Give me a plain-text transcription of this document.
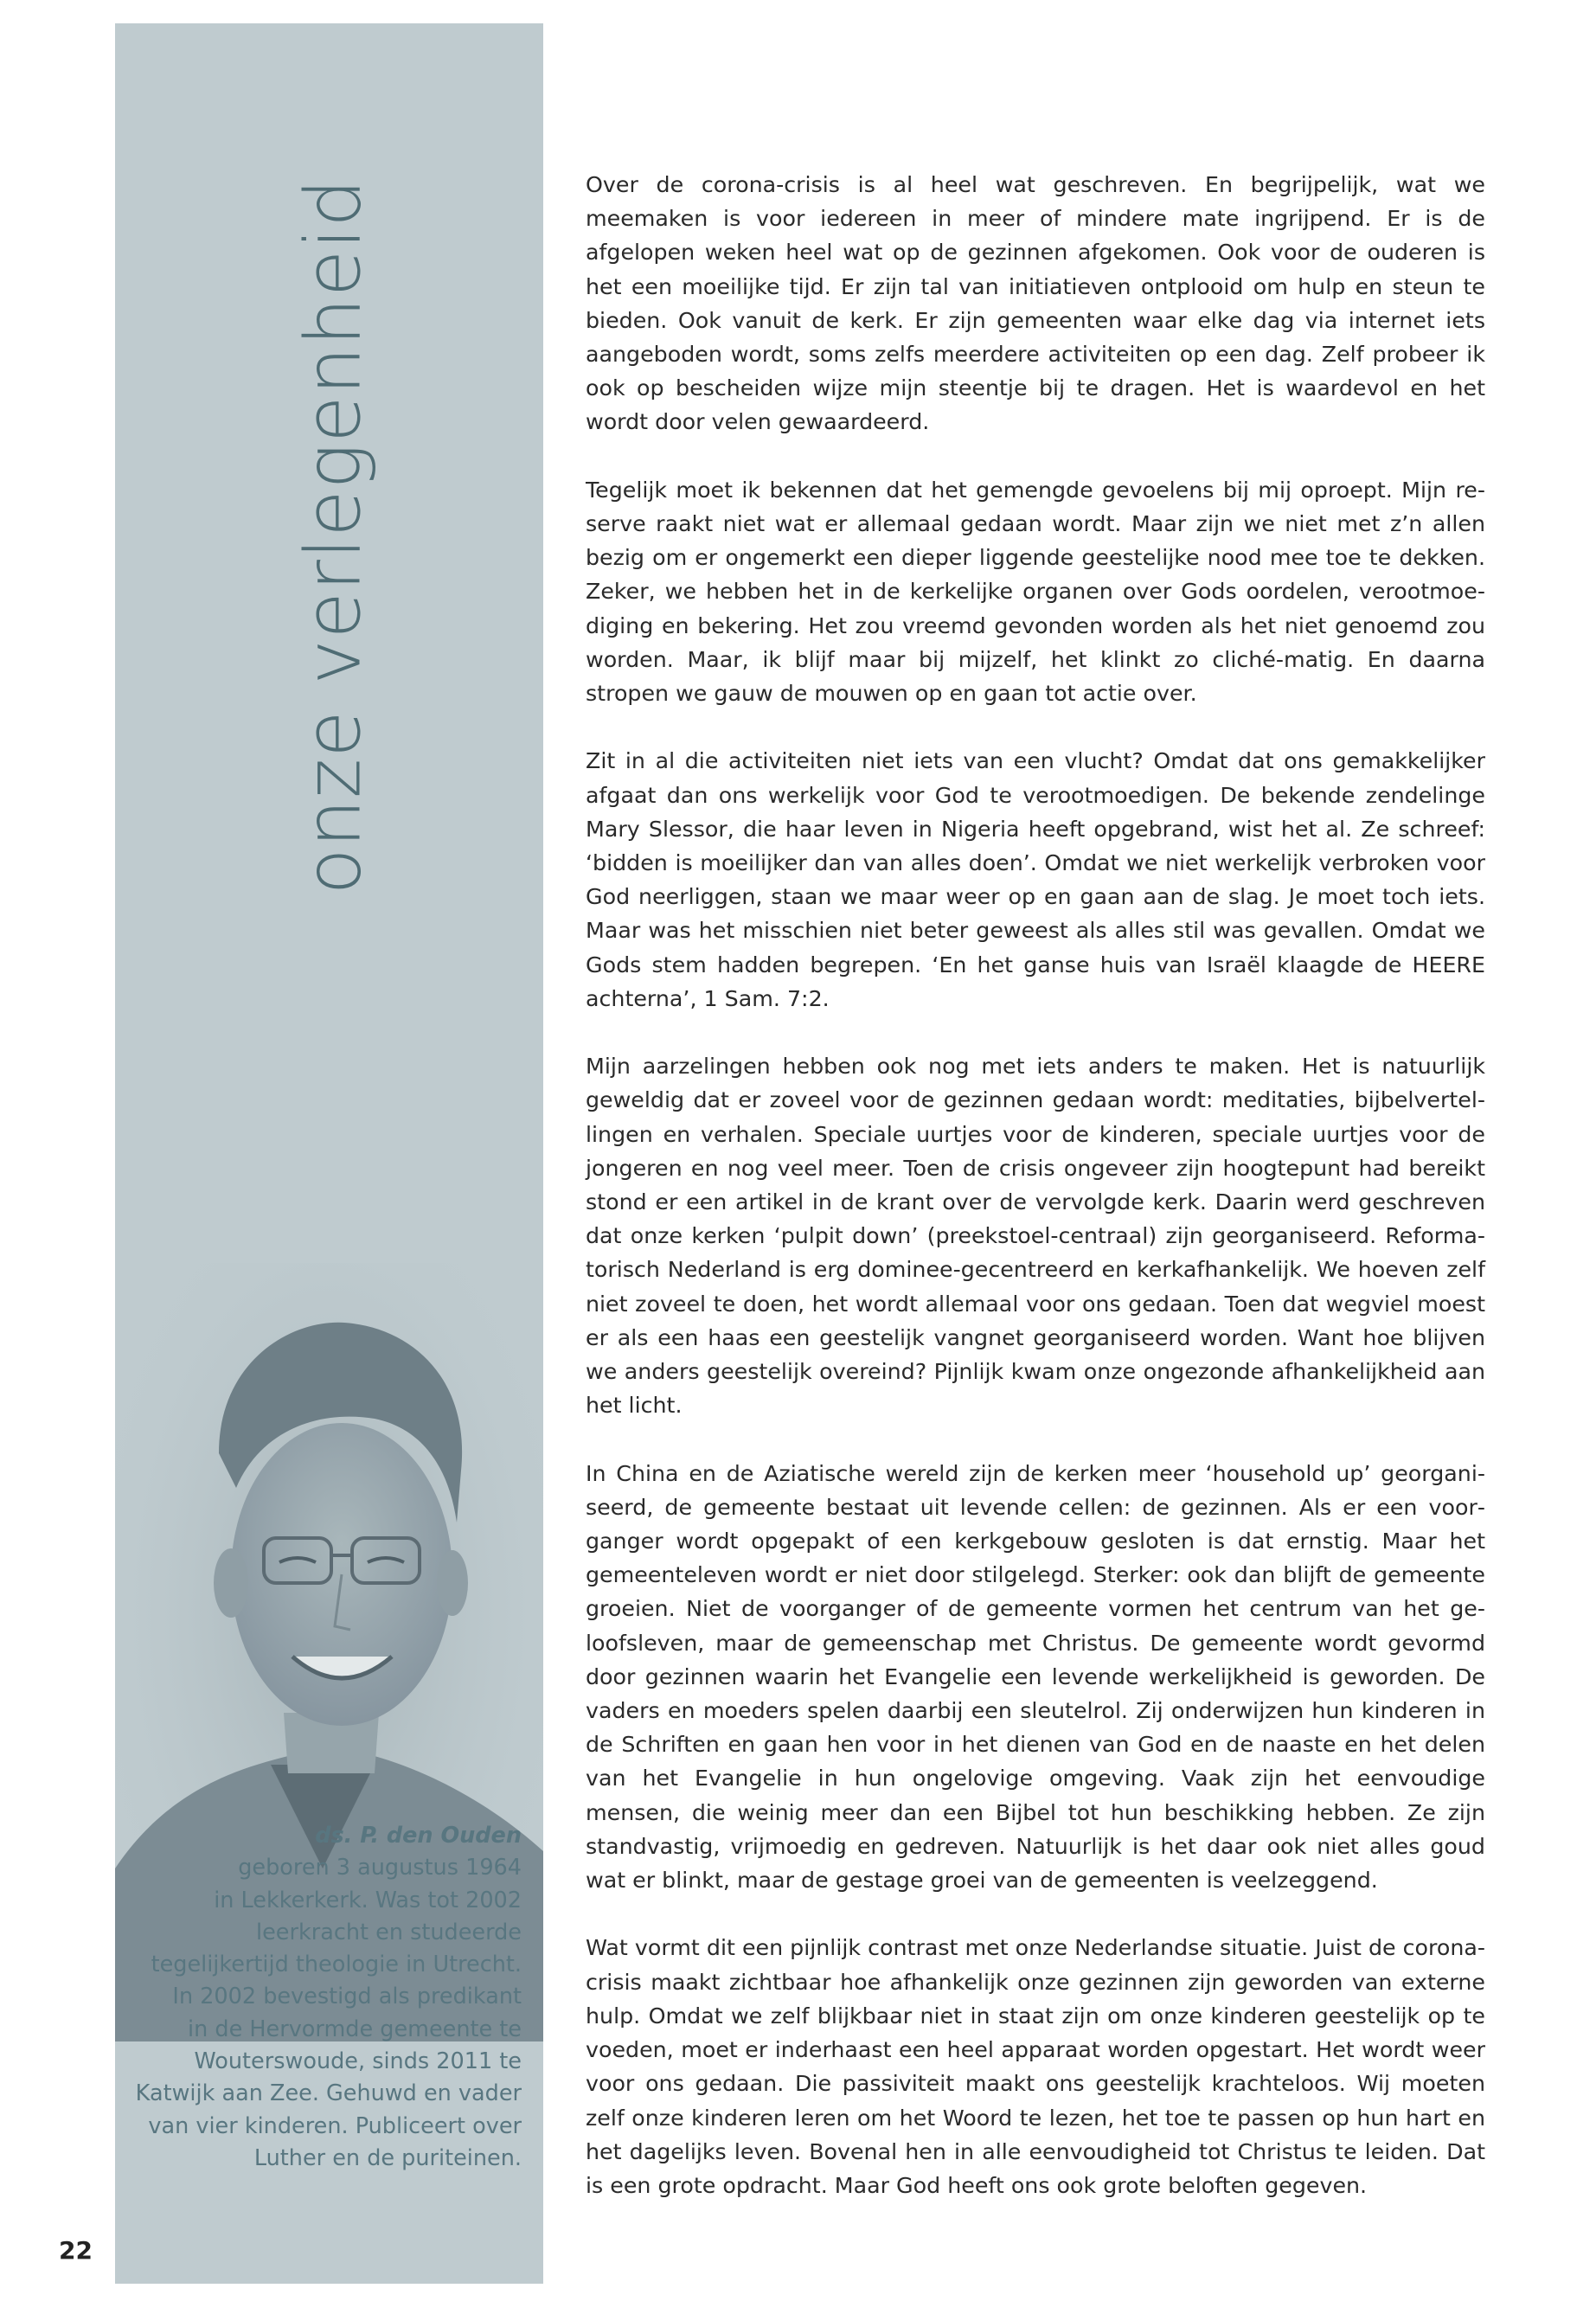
onze verlegenheid
ds. P. den Ouden
geboren 3 augustus 1964
in Lekkerkerk. Was tot 2002
leerkracht en studeerde
tegelijkertijd theologie in Utrecht.
In 2002 bevestigd als predikant
in de Hervormde gemeente te
Wouterswoude, sinds 2011 te
Katwijk aan Zee. Gehuwd en vader
van vier kinderen. Publiceert over
Luther en de puriteinen.

Over de corona-crisis is al heel wat geschreven. En begrijpelijk, wat we meemaken is voor iedereen in meer of mindere mate ingrijpend. Er is de afgelopen weken heel wat op de gezinnen afgekomen. Ook voor de ouderen is het een moeilijke tijd. Er zijn tal van initiatieven ontplooid om hulp en steun te bieden. Ook vanuit de kerk. Er zijn gemeenten waar elke dag via internet iets aangeboden wordt, soms zelfs meerdere activiteiten op een dag. Zelf probeer ik ook op bescheiden wijze mijn steentje bij te dragen. Het is waardevol en het wordt door velen gewaardeerd.

Tegelijk moet ik bekennen dat het gemengde gevoelens bij mij oproept. Mijn reserve raakt niet wat er allemaal gedaan wordt. Maar zijn we niet met z’n allen bezig om er ongemerkt een dieper liggende geestelijke nood mee toe te dekken. Zeker, we hebben het in de kerkelijke organen over Gods oordelen, verootmoediging en bekering. Het zou vreemd gevonden worden als het niet genoemd zou worden. Maar, ik blijf maar bij mijzelf, het klinkt zo cliché-matig. En daarna stropen we gauw de mouwen op en gaan tot actie over.

Zit in al die activiteiten niet iets van een vlucht? Omdat dat ons gemakkelijker afgaat dan ons werkelijk voor God te verootmoedigen. De bekende zendelinge Mary Slessor, die haar leven in Nigeria heeft opgebrand, wist het al. Ze schreef: ‘bidden is moeilijker dan van alles doen’. Omdat we niet werkelijk verbroken voor God neerliggen, staan we maar weer op en gaan aan de slag. Je moet toch iets. Maar was het misschien niet beter geweest als alles stil was gevallen. Omdat we Gods stem hadden begrepen. ‘En het ganse huis van Israël klaagde de HEERE achterna’, 1 Sam. 7:2.

Mijn aarzelingen hebben ook nog met iets anders te maken. Het is natuurlijk geweldig dat er zoveel voor de gezinnen gedaan wordt: meditaties, bijbelvertellingen en verhalen. Speciale uurtjes voor de kinderen, speciale uurtjes voor de jongeren en nog veel meer. Toen de crisis ongeveer zijn hoogtepunt had bereikt stond er een artikel in de krant over de vervolgde kerk. Daarin werd geschreven dat onze kerken ‘pulpit down’ (preekstoel-centraal) zijn georganiseerd. Reformatorisch Nederland is erg dominee-gecentreerd en kerkafhankelijk. We hoeven zelf niet zoveel te doen, het wordt allemaal voor ons gedaan. Toen dat wegviel moest er als een haas een geestelijk vangnet georganiseerd worden. Want hoe blijven we anders geestelijk overeind? Pijnlijk kwam onze ongezonde afhankelijkheid aan het licht.

In China en de Aziatische wereld zijn de kerken meer ‘household up’ georganiseerd, de gemeente bestaat uit levende cellen: de gezinnen. Als er een voorganger wordt opgepakt of een kerkgebouw gesloten is dat ernstig. Maar het gemeenteleven wordt er niet door stilgelegd. Sterker: ook dan blijft de gemeente groeien. Niet de voorganger of de gemeente vormen het centrum van het geloofsleven, maar de gemeenschap met Christus. De gemeente wordt gevormd door gezinnen waarin het Evangelie een levende werkelijkheid is geworden. De vaders en moeders spelen daarbij een sleutelrol. Zij onderwijzen hun kinderen in de Schriften en gaan hen voor in het dienen van God en de naaste en het delen van het Evangelie in hun ongelovige omgeving. Vaak zijn het eenvoudige mensen, die weinig meer dan een Bijbel tot hun beschikking hebben. Ze zijn standvastig, vrijmoedig en gedreven. Natuurlijk is het daar ook niet alles goud wat er blinkt, maar de gestage groei van de gemeenten is veelzeggend.

Wat vormt dit een pijnlijk contrast met onze Nederlandse situatie. Juist de corona-crisis maakt zichtbaar hoe afhankelijk onze gezinnen zijn geworden van externe hulp. Omdat we zelf blijkbaar niet in staat zijn om onze kinderen geestelijk op te voeden, moet er inderhaast een heel apparaat worden opgestart. Het wordt weer voor ons gedaan. Die passiviteit maakt ons geestelijk krachteloos. Wij moeten zelf onze kinderen leren om het Woord te lezen, het toe te passen op hun hart en het dagelijks leven. Bovenal hen in alle eenvoudigheid tot Christus te leiden. Dat is een grote opdracht. Maar God heeft ons ook grote beloften gegeven.

22
